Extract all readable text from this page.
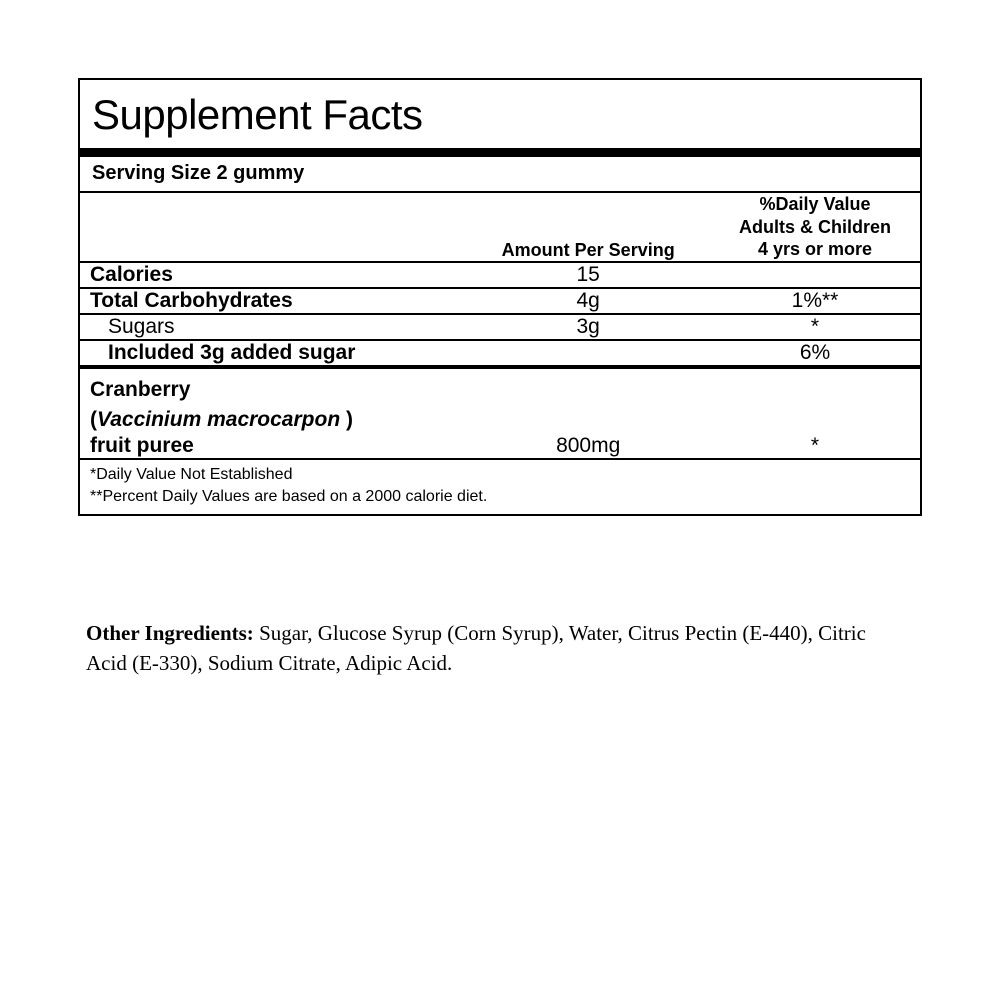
Supplement Facts
Serving Size 2 gummy
	Amount Per Serving	%Daily Value
Adults & Children
4 yrs or more

Calories	15	

Total Carbohydrates	4g	1%**

Sugars	3g	*

Included 3g added sugar		6%
Cranberry
(Vaccinium macrocarpon )
fruit puree	800mg	*
*Daily Value Not Established
**Percent Daily Values are based on a 2000 calorie diet.
Other Ingredients: Sugar, Glucose Syrup (Corn Syrup), Water, Citrus Pectin (E-440), Citric Acid (E-330), Sodium Citrate, Adipic Acid.
